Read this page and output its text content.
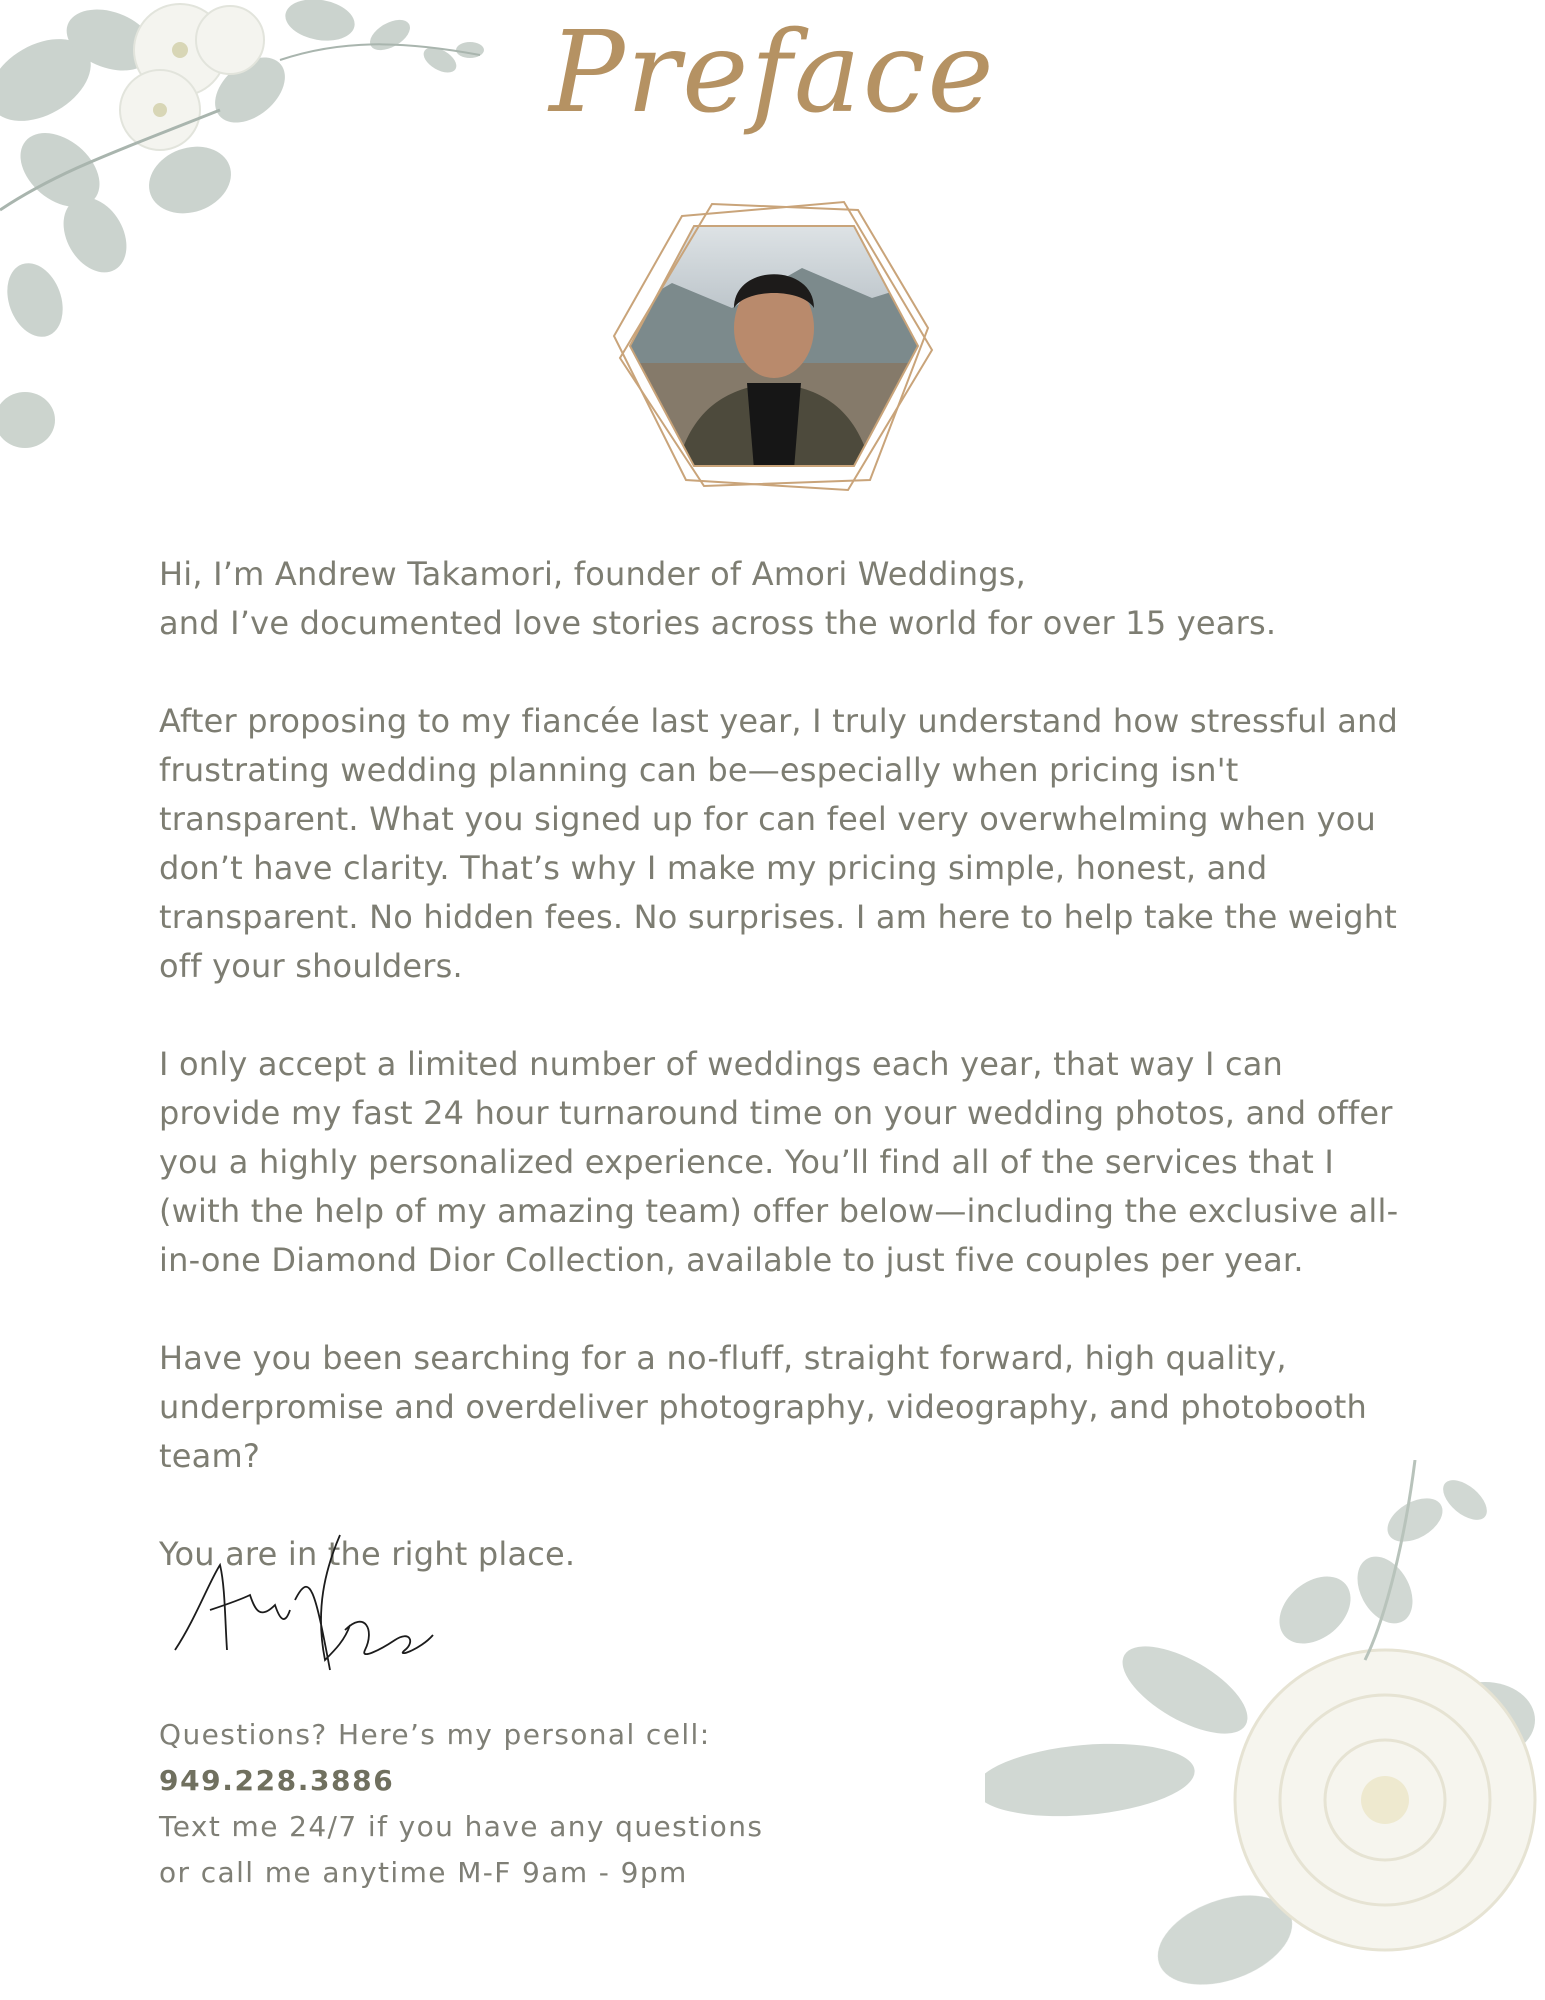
Preface

Hi, I’m Andrew Takamori, founder of Amori Weddings,
and I’ve documented love stories across the world for over 15 years.

After proposing to my fiancée last year, I truly understand how stressful and frustrating wedding planning can be—especially when pricing isn't transparent. What you signed up for can feel very overwhelming when you don’t have clarity. That’s why I make my pricing simple, honest, and transparent. No hidden fees. No surprises. I am here to help take the weight off your shoulders.

I only accept a limited number of weddings each year, that way I can provide my fast 24 hour turnaround time on your wedding photos, and offer you a highly personalized experience. You’ll find all of the services that I (with the help of my amazing team) offer below—including the exclusive all-in-one Diamond Dior Collection, available to just five couples per year.

Have you been searching for a no-fluff, straight forward, high quality, underpromise and overdeliver photography, videography, and photobooth team?

You are in the right place.

Questions? Here’s my personal cell:
949.228.3886
Text me 24/7 if you have any questions
or call me anytime M-F 9am - 9pm
